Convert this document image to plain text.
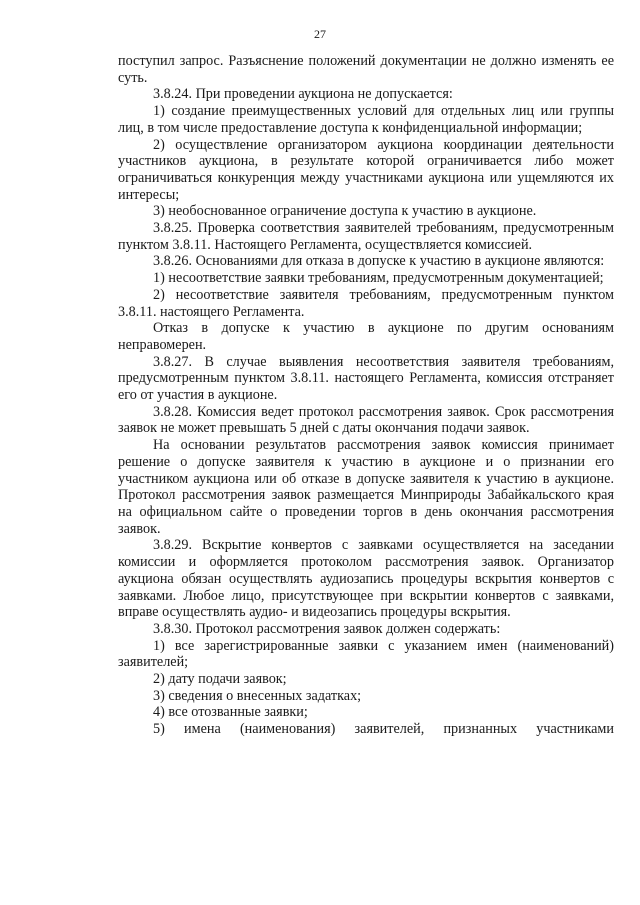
27

поступил запрос. Разъяснение положений документации не должно изменять ее суть.

3.8.24. При проведении аукциона не допускается:

1) создание преимущественных условий для отдельных лиц или группы лиц, в том числе предоставление доступа к конфиденциальной информации;

2) осуществление организатором аукциона координации деятельности участников аукциона, в результате которой ограничивается либо может ограничиваться конкуренция между участниками аукциона или ущемляются их интересы;

3) необоснованное ограничение доступа к участию в аукционе.

3.8.25. Проверка соответствия заявителей требованиям, предусмотренным пунктом 3.8.11. Настоящего Регламента, осуществляется комиссией.

3.8.26. Основаниями для отказа в допуске к участию в аукционе являются:

1) несоответствие заявки требованиям, предусмотренным документацией;

2) несоответствие заявителя требованиям, предусмотренным пунктом 3.8.11. настоящего Регламента.

Отказ в допуске к участию в аукционе по другим основаниям неправомерен.

3.8.27. В случае выявления несоответствия заявителя требованиям, предусмотренным пунктом 3.8.11. настоящего Регламента, комиссия отстраняет его от участия в аукционе.

3.8.28. Комиссия ведет протокол рассмотрения заявок. Срок рассмотрения заявок не может превышать 5 дней с даты окончания подачи заявок.

На основании результатов рассмотрения заявок комиссия принимает решение о допуске заявителя к участию в аукционе и о признании его участником аукциона или об отказе в допуске заявителя к участию в аукционе. Протокол рассмотрения заявок размещается Минприроды Забайкальского края на официальном сайте о проведении торгов в день окончания рассмотрения заявок.

3.8.29. Вскрытие конвертов с заявками осуществляется на заседании комиссии и оформляется протоколом рассмотрения заявок. Организатор аукциона обязан осуществлять аудиозапись процедуры вскрытия конвертов с заявками. Любое лицо, присутствующее при вскрытии конвертов с заявками, вправе осуществлять аудио- и видеозапись процедуры вскрытия.

3.8.30. Протокол рассмотрения заявок должен содержать:

1) все зарегистрированные заявки с указанием имен (наименований) заявителей;

2) дату подачи заявок;

3) сведения о внесенных задатках;

4) все отозванные заявки;

5) имена (наименования) заявителей, признанных участниками
